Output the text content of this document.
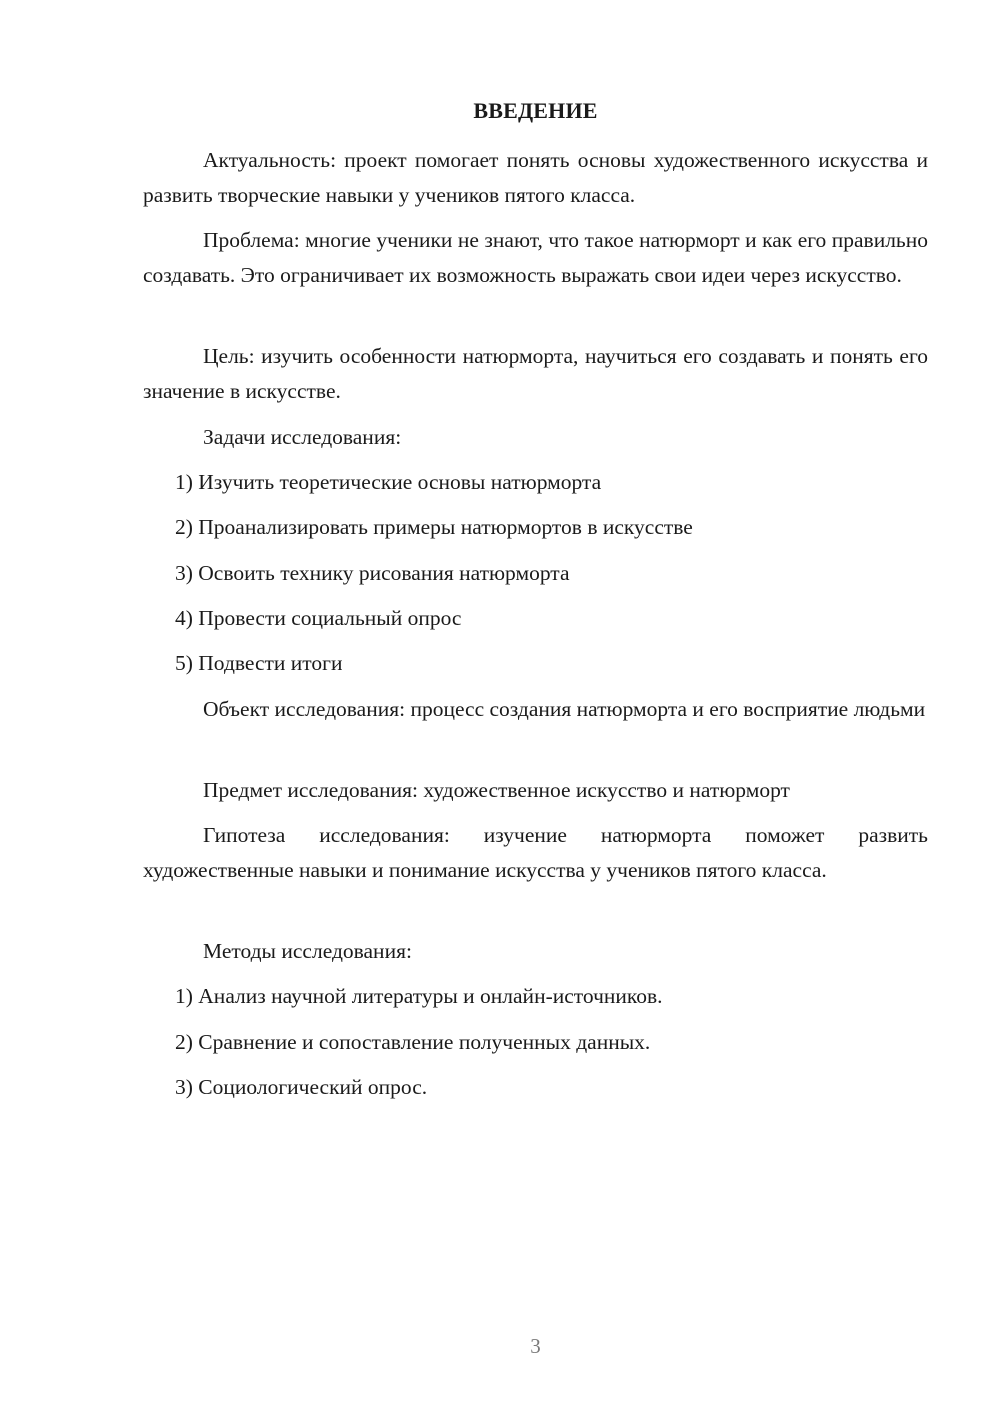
ВВЕДЕНИЕ

Актуальность: проект помогает понять основы художественного искусства и развить творческие навыки у учеников пятого класса.

Проблема: многие ученики не знают, что такое натюрморт и как его правильно создавать. Это ограничивает их возможность выражать свои идеи через искусство.

Цель: изучить особенности натюрморта, научиться его создавать и понять его значение в искусстве.

Задачи исследования:

1) Изучить теоретические основы натюрморта

2) Проанализировать примеры натюрмортов в искусстве

3) Освоить технику рисования натюрморта

4) Провести социальный опрос

5) Подвести итоги

Объект исследования: процесс создания натюрморта и его восприятие людьми

Предмет исследования: художественное искусство и натюрморт

Гипотеза исследования: изучение натюрморта поможет развить художественные навыки и понимание искусства у учеников пятого класса.

Методы исследования:

1) Анализ научной литературы и онлайн-источников.

2) Сравнение и сопоставление полученных данных.

3) Социологический опрос.

3
